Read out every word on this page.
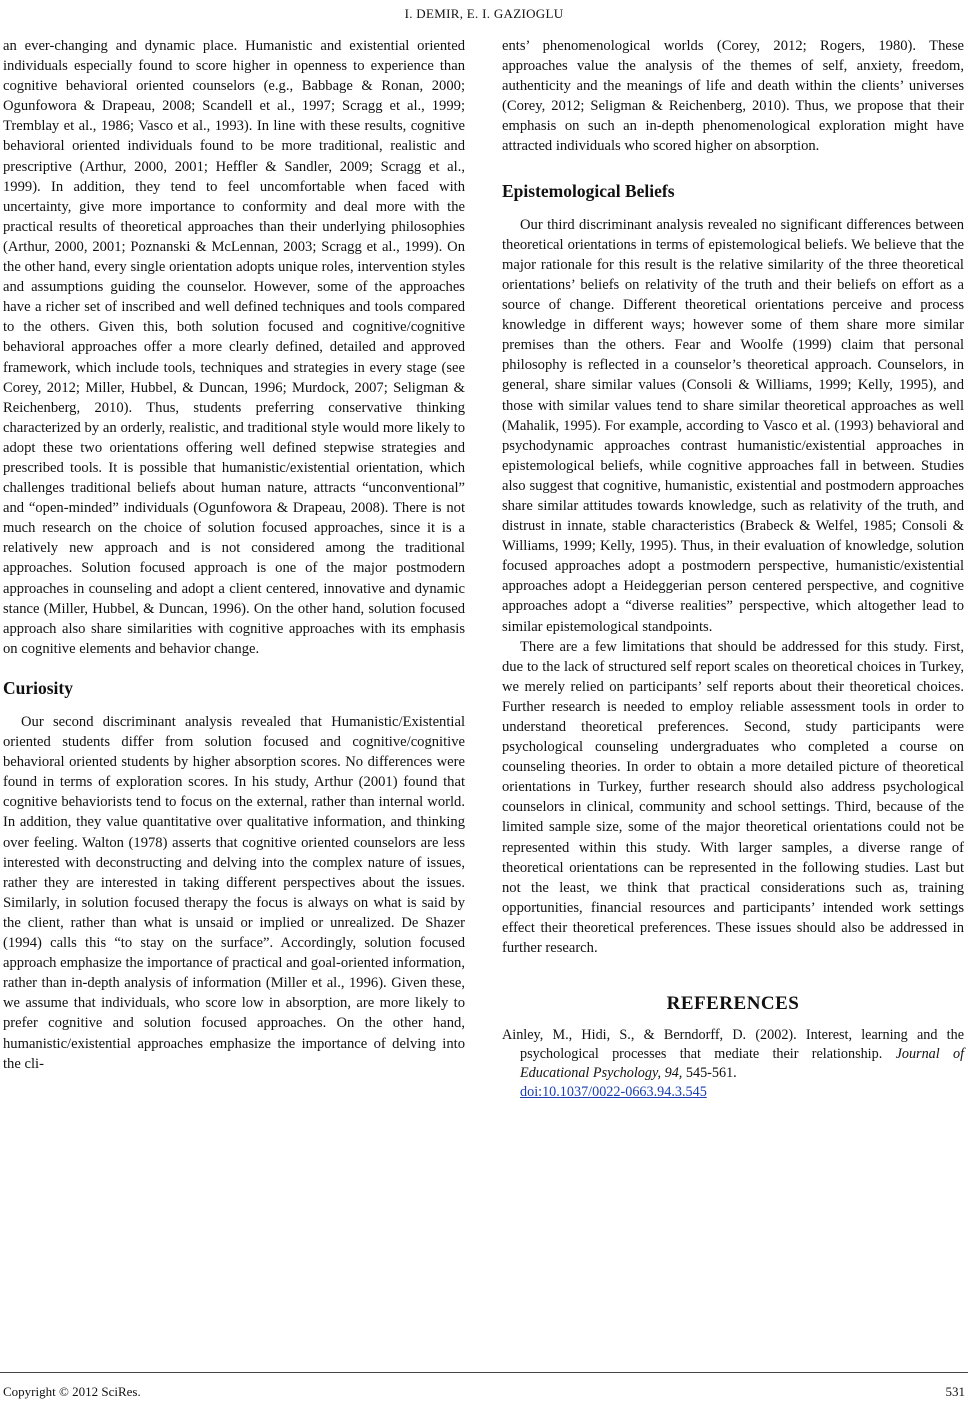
I. DEMIR, E. I. GAZIOGLU

an ever-changing and dynamic place. Humanistic and existential oriented individuals especially found to score higher in openness to experience than cognitive behavioral oriented counselors (e.g., Babbage & Ronan, 2000; Ogunfowora & Drapeau, 2008; Scandell et al., 1997; Scragg et al., 1999; Tremblay et al., 1986; Vasco et al., 1993). In line with these results, cognitive behavioral oriented individuals found to be more traditional, realistic and prescriptive (Arthur, 2000, 2001; Heffler & Sandler, 2009; Scragg et al., 1999). In addition, they tend to feel uncomfortable when faced with uncertainty, give more importance to conformity and deal more with the practical results of theoretical approaches than their underlying philosophies (Arthur, 2000, 2001; Poznanski & McLennan, 2003; Scragg et al., 1999). On the other hand, every single orientation adopts unique roles, intervention styles and assumptions guiding the counselor. However, some of the approaches have a richer set of inscribed and well defined techniques and tools compared to the others. Given this, both solution focused and cognitive/cognitive behavioral approaches offer a more clearly defined, detailed and approved framework, which include tools, techniques and strategies in every stage (see Corey, 2012; Miller, Hubbel, & Duncan, 1996; Murdock, 2007; Seligman & Reichenberg, 2010). Thus, students preferring conservative thinking characterized by an orderly, realistic, and traditional style would more likely to adopt these two orientations offering well defined stepwise strategies and prescribed tools. It is possible that humanistic/existential orientation, which challenges traditional beliefs about human nature, attracts “unconventional” and “open-minded” individuals (Ogunfowora & Drapeau, 2008). There is not much research on the choice of solution focused approaches, since it is a relatively new approach and is not considered among the traditional approaches. Solution focused approach is one of the major postmodern approaches in counseling and adopt a client centered, innovative and dynamic stance (Miller, Hubbel, & Duncan, 1996). On the other hand, solution focused approach also share similarities with cognitive approaches with its emphasis on cognitive elements and behavior change.

Curiosity

Our second discriminant analysis revealed that Humanistic/Existential oriented students differ from solution focused and cognitive/cognitive behavioral oriented students by higher absorption scores. No differences were found in terms of exploration scores. In his study, Arthur (2001) found that cognitive behaviorists tend to focus on the external, rather than internal world. In addition, they value quantitative over qualitative information, and thinking over feeling. Walton (1978) asserts that cognitive oriented counselors are less interested with deconstructing and delving into the complex nature of issues, rather they are interested in taking different perspectives about the issues. Similarly, in solution focused therapy the focus is always on what is said by the client, rather than what is unsaid or implied or unrealized. De Shazer (1994) calls this “to stay on the surface”. Accordingly, solution focused approach emphasize the importance of practical and goal-oriented information, rather than in-depth analysis of information (Miller et al., 1996). Given these, we assume that individuals, who score low in absorption, are more likely to prefer cognitive and solution focused approaches. On the other hand, humanistic/existential approaches emphasize the importance of delving into the cli-

ents’ phenomenological worlds (Corey, 2012; Rogers, 1980). These approaches value the analysis of the themes of self, anxiety, freedom, authenticity and the meanings of life and death within the clients’ universes (Corey, 2012; Seligman & Reichenberg, 2010). Thus, we propose that their emphasis on such an in-depth phenomenological exploration might have attracted individuals who scored higher on absorption.

Epistemological Beliefs

Our third discriminant analysis revealed no significant differences between theoretical orientations in terms of epistemological beliefs. We believe that the major rationale for this result is the relative similarity of the three theoretical orientations’ beliefs on relativity of the truth and their beliefs on effort as a source of change. Different theoretical orientations perceive and process knowledge in different ways; however some of them share more similar premises than the others. Fear and Woolfe (1999) claim that personal philosophy is reflected in a counselor’s theoretical approach. Counselors, in general, share similar values (Consoli & Williams, 1999; Kelly, 1995), and those with similar values tend to share similar theoretical approaches as well (Mahalik, 1995). For example, according to Vasco et al. (1993) behavioral and psychodynamic approaches contrast humanistic/existential approaches in epistemological beliefs, while cognitive approaches fall in between. Studies also suggest that cognitive, humanistic, existential and postmodern approaches share similar attitudes towards knowledge, such as relativity of the truth, and distrust in innate, stable characteristics (Brabeck & Welfel, 1985; Consoli & Williams, 1999; Kelly, 1995). Thus, in their evaluation of knowledge, solution focused approaches adopt a postmodern perspective, humanistic/existential approaches adopt a Heideggerian person centered perspective, and cognitive approaches adopt a “diverse realities” perspective, which altogether lead to similar epistemological standpoints.

There are a few limitations that should be addressed for this study. First, due to the lack of structured self report scales on theoretical choices in Turkey, we merely relied on participants’ self reports about their theoretical choices. Further research is needed to employ reliable assessment tools in order to understand theoretical preferences. Second, study participants were psychological counseling undergraduates who completed a course on counseling theories. In order to obtain a more detailed picture of theoretical orientations in Turkey, further research should also address psychological counselors in clinical, community and school settings. Third, because of the limited sample size, some of the major theoretical orientations could not be represented within this study. With larger samples, a diverse range of theoretical orientations can be represented in the following studies. Last but not the least, we think that practical considerations such as, training opportunities, financial resources and participants’ intended work settings effect their theoretical preferences. These issues should also be addressed in further research.

REFERENCES
Ainley, M., Hidi, S., & Berndorff, D. (2002). Interest, learning and the psychological processes that mediate their relationship. Journal of Educational Psychology, 94, 545-561.
doi:10.1037/0022-0663.94.3.545
Copyright © 2012 SciRes.	531
